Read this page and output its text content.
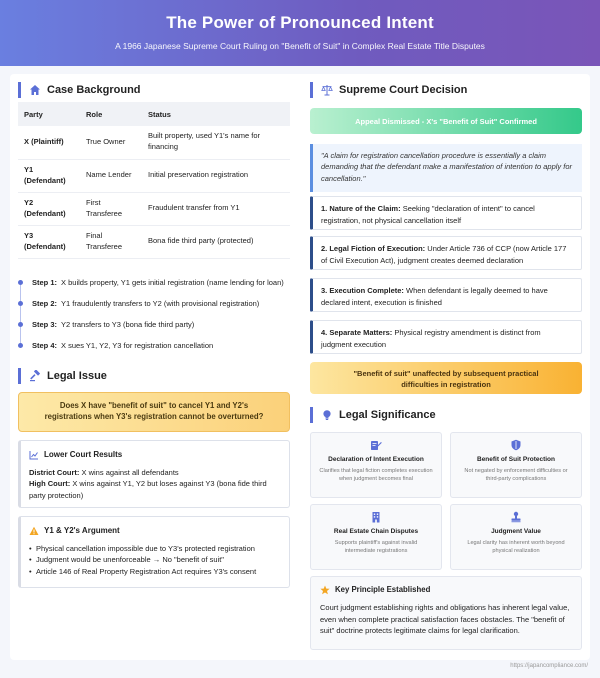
The Power of Pronounced Intent

A 1966 Japanese Supreme Court Ruling on "Benefit of Suit" in Complex Real Estate Title Disputes

Case Background
Party	Role	Status
X (Plaintiff)	True Owner	Built property, used Y1's name for financing
Y1 (Defendant)	Name Lender	Initial preservation registration
Y2 (Defendant)	First Transferee	Fraudulent transfer from Y1
Y3 (Defendant)	Final Transferee	Bona fide third party (protected)
Step 1: X builds property, Y1 gets initial registration (name lending for loan)
Step 2: Y1 fraudulently transfers to Y2 (with provisional registration)
Step 3: Y2 transfers to Y3 (bona fide third party)
Step 4: X sues Y1, Y2, Y3 for registration cancellation
Legal Issue
Does X have "benefit of suit" to cancel Y1 and Y2's registrations when Y3's registration cannot be overturned?
Lower Court Results
District Court: X wins against all defendants
High Court: X wins against Y1, Y2 but loses against Y3 (bona fide third party protection)
Y1 & Y2's Argument
• Physical cancellation impossible due to Y3's protected registration
• Judgment would be unenforceable → No "benefit of suit"
• Article 146 of Real Property Registration Act requires Y3's consent
Supreme Court Decision
Appeal Dismissed - X's "Benefit of Suit" Confirmed
"A claim for registration cancellation procedure is essentially a claim demanding that the defendant make a manifestation of intention to apply for cancellation."
1. Nature of the Claim: Seeking "declaration of intent" to cancel registration, not physical cancellation itself
2. Legal Fiction of Execution: Under Article 736 of CCP (now Article 177 of Civil Execution Act), judgment creates deemed declaration
3. Execution Complete: When defendant is legally deemed to have declared intent, execution is finished
4. Separate Matters: Physical registry amendment is distinct from judgment execution
"Benefit of suit" unaffected by subsequent practical difficulties in registration
Legal Significance
Declaration of Intent Execution
Clarifies that legal fiction completes execution when judgment becomes final
Benefit of Suit Protection
Not negated by enforcement difficulties or third-party complications
Real Estate Chain Disputes
Supports plaintiff's against invalid intermediate registrations
Judgment Value
Legal clarity has inherent worth beyond physical realization
Key Principle Established
Court judgment establishing rights and obligations has inherent legal value, even when complete practical satisfaction faces obstacles. The "benefit of suit" doctrine protects legitimate claims for legal clarification.
https://japancompliance.com/
